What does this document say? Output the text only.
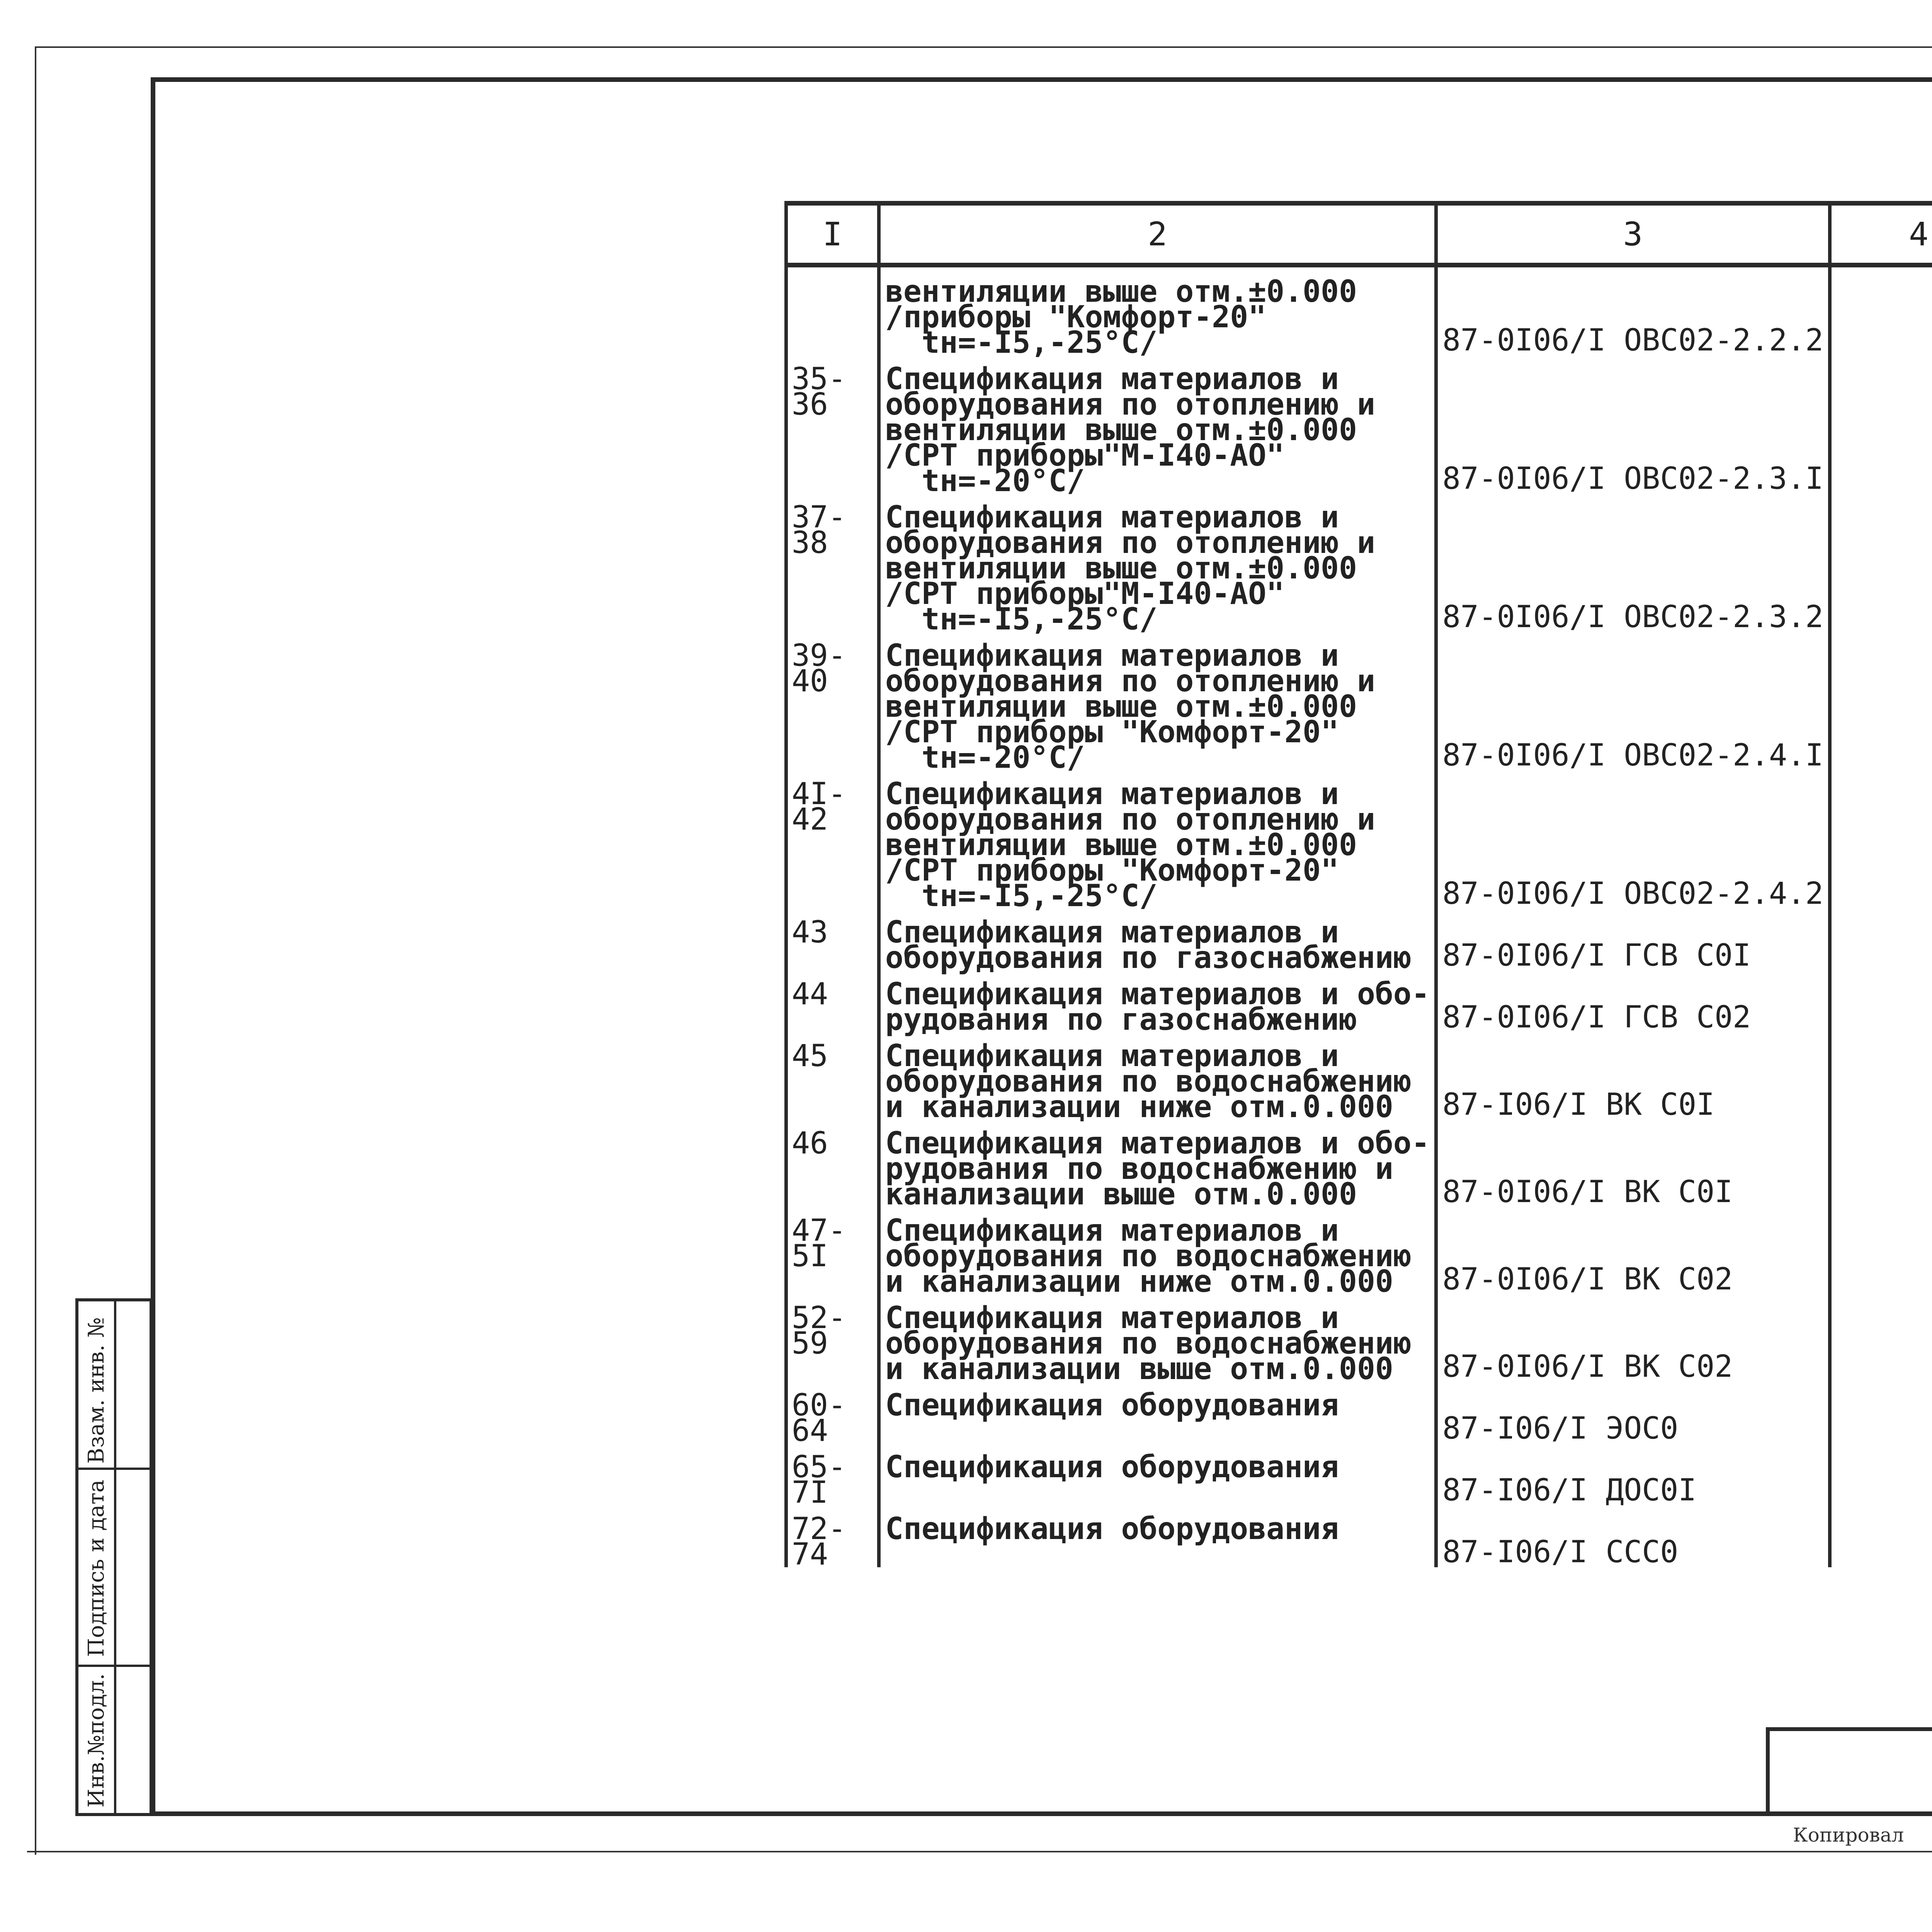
I	2	3	4
	вентиляции выше отм.±0.000
/приборы "Комфорт-20"
tн=-I5,-25°C/	87-0I06/I ОВС02-2.2.2	

35-36	Спецификация материалов и
оборудования по отоплению и
вентиляции выше отм.±0.000
/СРТ приборы"М-I40-АО"
tн=-20°C/	87-0I06/I ОВС02-2.3.I	

37-38	Спецификация материалов и
оборудования по отоплению и
вентиляции выше отм.±0.000
/СРТ приборы"М-I40-АО"
tн=-I5,-25°C/	87-0I06/I ОВС02-2.3.2	

39-40	Спецификация материалов и
оборудования по отоплению и
вентиляции выше отм.±0.000
/СРТ приборы "Комфорт-20"
tн=-20°C/	87-0I06/I ОВС02-2.4.I	

4I-42	Спецификация материалов и
оборудования по отоплению и
вентиляции выше отм.±0.000
/СРТ приборы "Комфорт-20"
tн=-I5,-25°C/	87-0I06/I ОВС02-2.4.2	

43	Спецификация материалов и
оборудования по газоснабжению	87-0I06/I ГСВ С0I	

44	Спецификация материалов и обо-
рудования по газоснабжению	87-0I06/I ГСВ С02	

45	Спецификация материалов и
оборудования по водоснабжению
и канализации ниже отм.0.000	87-I06/I ВК С0I	

46	Спецификация материалов и обо-
рудования по водоснабжению и
канализации выше отм.0.000	87-0I06/I ВК С0I	

47-5I	Спецификация материалов и
оборудования по водоснабжению
и канализации ниже отм.0.000	87-0I06/I ВК С02	

52-59	Спецификация материалов и
оборудования по водоснабжению
и канализации выше отм.0.000	87-0I06/I ВК С02	

60-64	Спецификация оборудования	87-I06/I ЭОС0	

65-7I	Спецификация оборудования	87-I06/I ДОС0I	

72-74	Спецификация оборудования	87-I06/I ССС0	

Инв.№подл.
Подпись и дата
Взам. инв. №
Копировал
